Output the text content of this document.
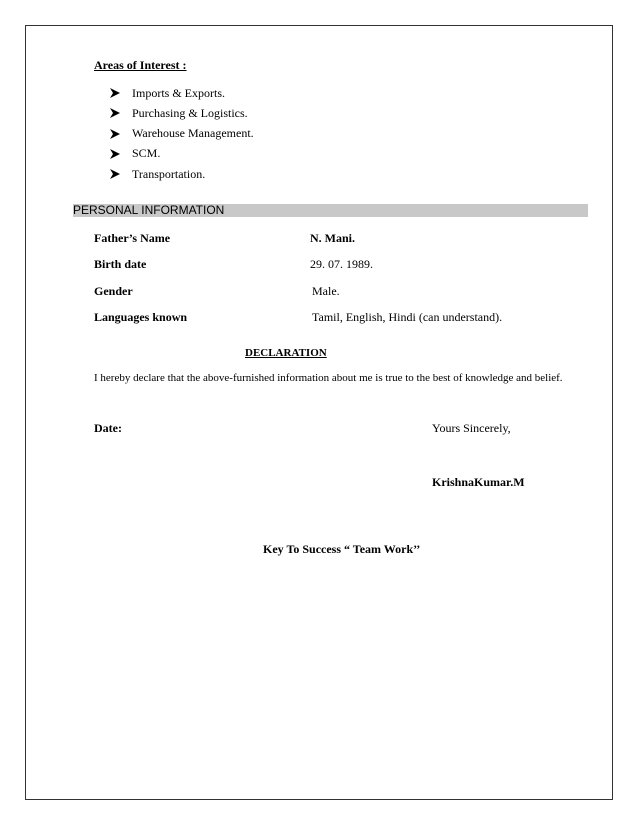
Areas of Interest :
Imports & Exports.
Purchasing & Logistics.
Warehouse Management.
SCM.
Transportation.
PERSONAL INFORMATION
Father’s Name	N. Mani.
Birth date	29. 07. 1989.
Gender	Male.
Languages known	Tamil, English, Hindi (can understand).
DECLARATION
I hereby declare that the above-furnished information about me is true to the best of knowledge and belief.
Date:	Yours Sincerely,
KrishnaKumar.M
Key To Success “ Team Work’’
